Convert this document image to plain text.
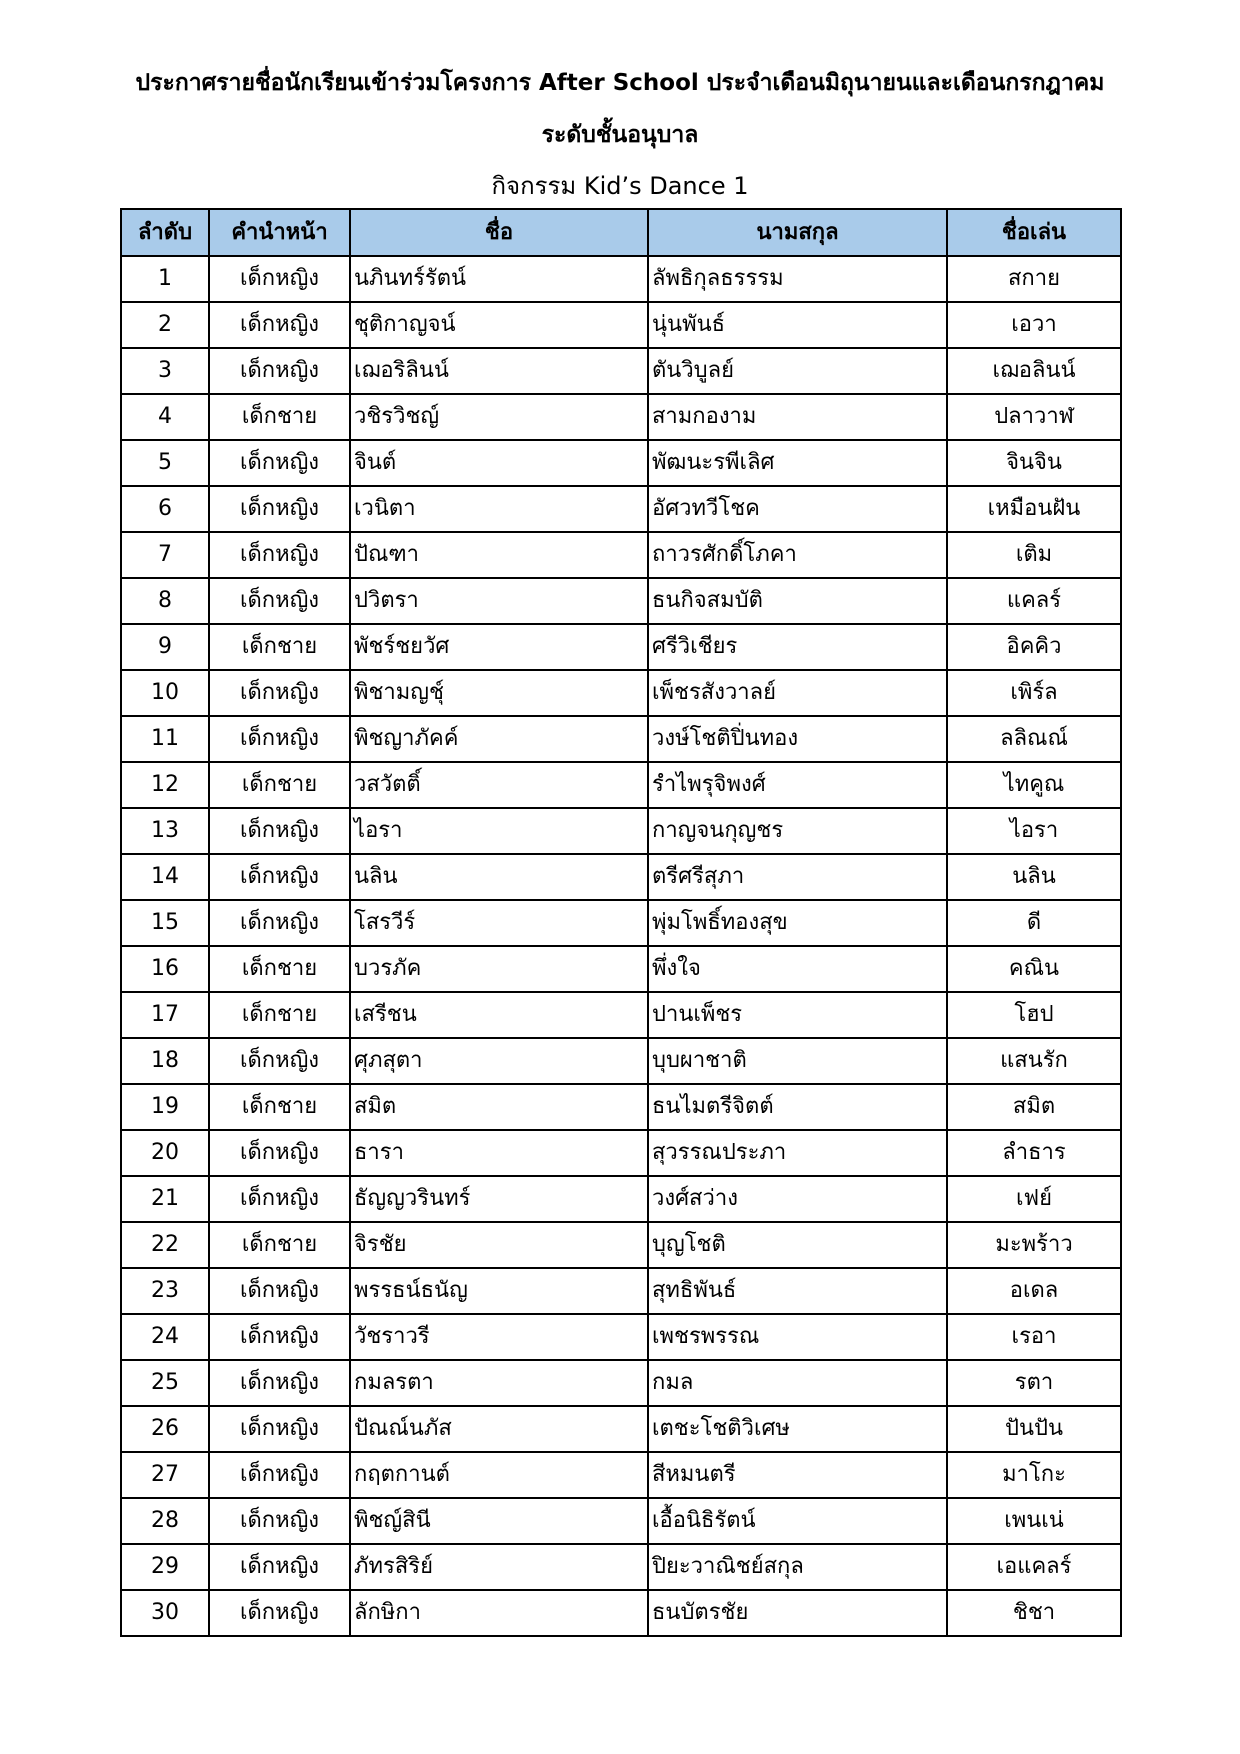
ประกาศรายชื่อนักเรียนเข้าร่วมโครงการ After School ประจำเดือนมิถุนายนและเดือนกรกฎาคม
ระดับชั้นอนุบาล
กิจกรรม Kid’s Dance 1
ลำดับ	คำนำหน้า	ชื่อ	นามสกุล	ชื่อเล่น
1	เด็กหญิง	นภินทร์รัตน์	ลัพธิกุลธรรรม	สกาย
2	เด็กหญิง	ชุติกาญจน์	นุ่นพันธ์	เอวา
3	เด็กหญิง	เฌอริลินน์	ตันวิบูลย์	เฌอลินน์
4	เด็กชาย	วชิรวิชญ์	สามกองาม	ปลาวาฬ
5	เด็กหญิง	จินต์	พัฒนะรพีเลิศ	จินจิน
6	เด็กหญิง	เวนิตา	อัศวทวีโชค	เหมือนฝัน
7	เด็กหญิง	ปัณฑา	ถาวรศักดิ์โภคา	เติม
8	เด็กหญิง	ปวิตรา	ธนกิจสมบัติ	แคลร์
9	เด็กชาย	พัชร์ชยวัศ	ศรีวิเชียร	อิคคิว
10	เด็กหญิง	พิชามญชุ์	เพ็ชรสังวาลย์	เพิร์ล
11	เด็กหญิง	พิชญาภัคค์	วงษ์โชติปิ่นทอง	ลลิณณ์
12	เด็กชาย	วสวัตติ์	รำไพรุจิพงศ์	ไทคูณ
13	เด็กหญิง	ไอรา	กาญจนกุญชร	ไอรา
14	เด็กหญิง	นลิน	ตรีศรีสุภา	นลิน
15	เด็กหญิง	โสรวีร์	พุ่มโพธิ์ทองสุข	ดี
16	เด็กชาย	บวรภัค	พึ่งใจ	คณิน
17	เด็กชาย	เสรีชน	ปานเพ็ชร	โฮป
18	เด็กหญิง	ศุภสุตา	บุบผาชาติ	แสนรัก
19	เด็กชาย	สมิต	ธนไมตรีจิตต์	สมิต
20	เด็กหญิง	ธารา	สุวรรณประภา	ลำธาร
21	เด็กหญิง	ธัญญวรินทร์	วงศ์สว่าง	เฟย์
22	เด็กชาย	จิรชัย	บุญโชติ	มะพร้าว
23	เด็กหญิง	พรรธน์ธนัญ	สุทธิพันธ์	อเดล
24	เด็กหญิง	วัชราวรี	เพชรพรรณ	เรอา
25	เด็กหญิง	กมลรตา	กมล	รตา
26	เด็กหญิง	ปัณณ์นภัส	เตชะโชติวิเศษ	ปันปัน
27	เด็กหญิง	กฤตกานต์	สีหมนตรี	มาโกะ
28	เด็กหญิง	พิชญ์สินี	เอื้อนิธิรัตน์	เพนเน่
29	เด็กหญิง	ภัทรสิริย์	ปิยะวาณิชย์สกุล	เอแคลร์
30	เด็กหญิง	ลักษิกา	ธนบัตรชัย	ชิชา
